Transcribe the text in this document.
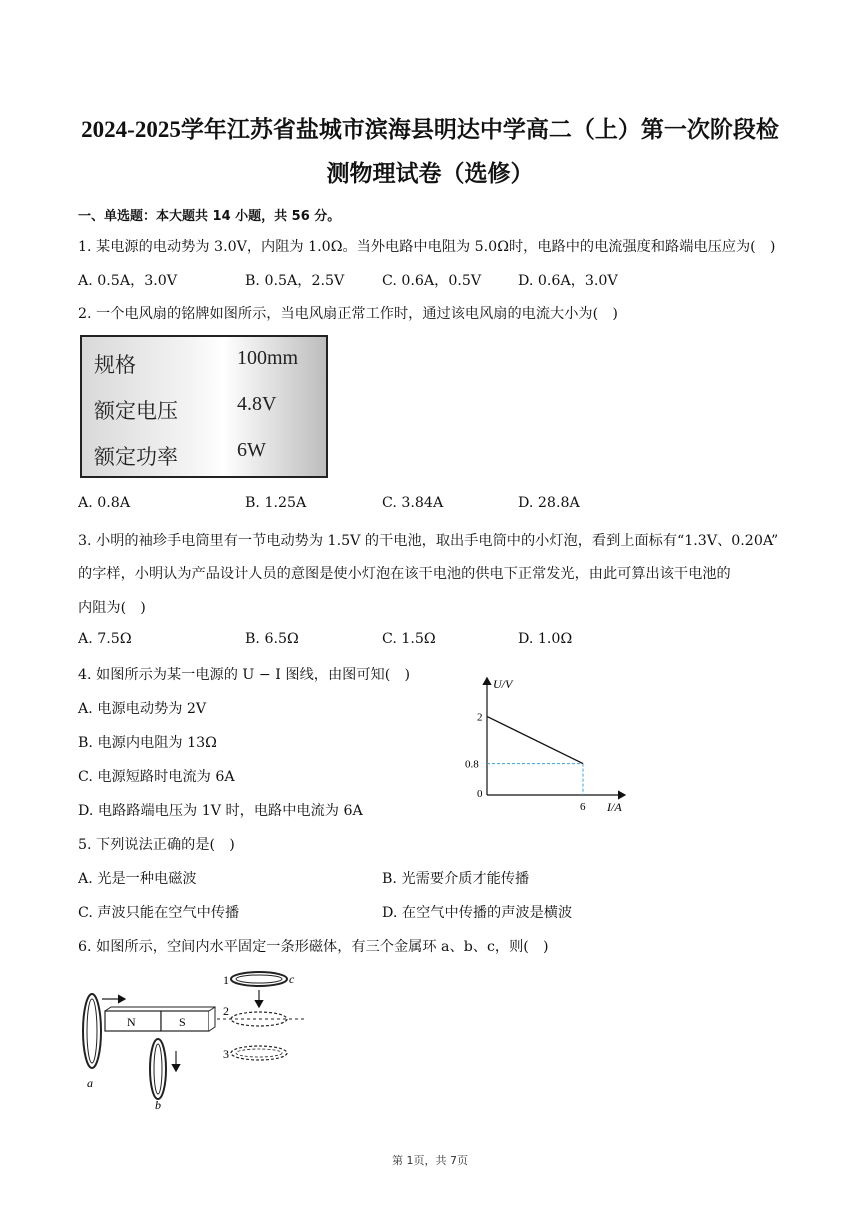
2024-2025学年江苏省盐城市滨海县明达中学高二（上）第一次阶段检
测物理试卷（选修）
一、单选题：本大题共 14 小题，共 56 分。
1. 某电源的电动势为 3.0V，内阻为 1.0Ω。当外电路中电阻为 5.0Ω时，电路中的电流强度和路端电压应为(　)
A. 0.5A，3.0V	B. 0.5A，2.5V	C. 0.6A，0.5V	D. 0.6A，3.0V
2. 一个电风扇的铭牌如图所示，当电风扇正常工作时，通过该电风扇的电流大小为(　)
规格	100mm
额定电压	4.8V
额定功率	6W
A. 0.8A	B. 1.25A	C. 3.84A	D. 28.8A
3. 小明的袖珍手电筒里有一节电动势为 1.5V 的干电池，取出手电筒中的小灯泡，看到上面标有“1.3V、0.20A”
的字样，小明认为产品设计人员的意图是使小灯泡在该干电池的供电下正常发光，由此可算出该干电池的
内阻为(　)
A. 7.5Ω	B. 6.5Ω	C. 1.5Ω	D. 1.0Ω
4. 如图所示为某一电源的 U − I 图线，由图可知(　)
A. 电源电动势为 2V
B. 电源内电阻为 13Ω
C. 电源短路时电流为 6A
D. 电路路端电压为 1V 时，电路中电流为 6A
U/V
I/A
0
2
0.8
6
5. 下列说法正确的是(　)
A. 光是一种电磁波	B. 光需要介质才能传播
C. 声波只能在空气中传播	D. 在空气中传播的声波是横波
6. 如图所示，空间内水平固定一条形磁体，有三个金属环 a、b、c，则(　)
a
N	S
b
1	c
2
3
第 1页，共 7页
